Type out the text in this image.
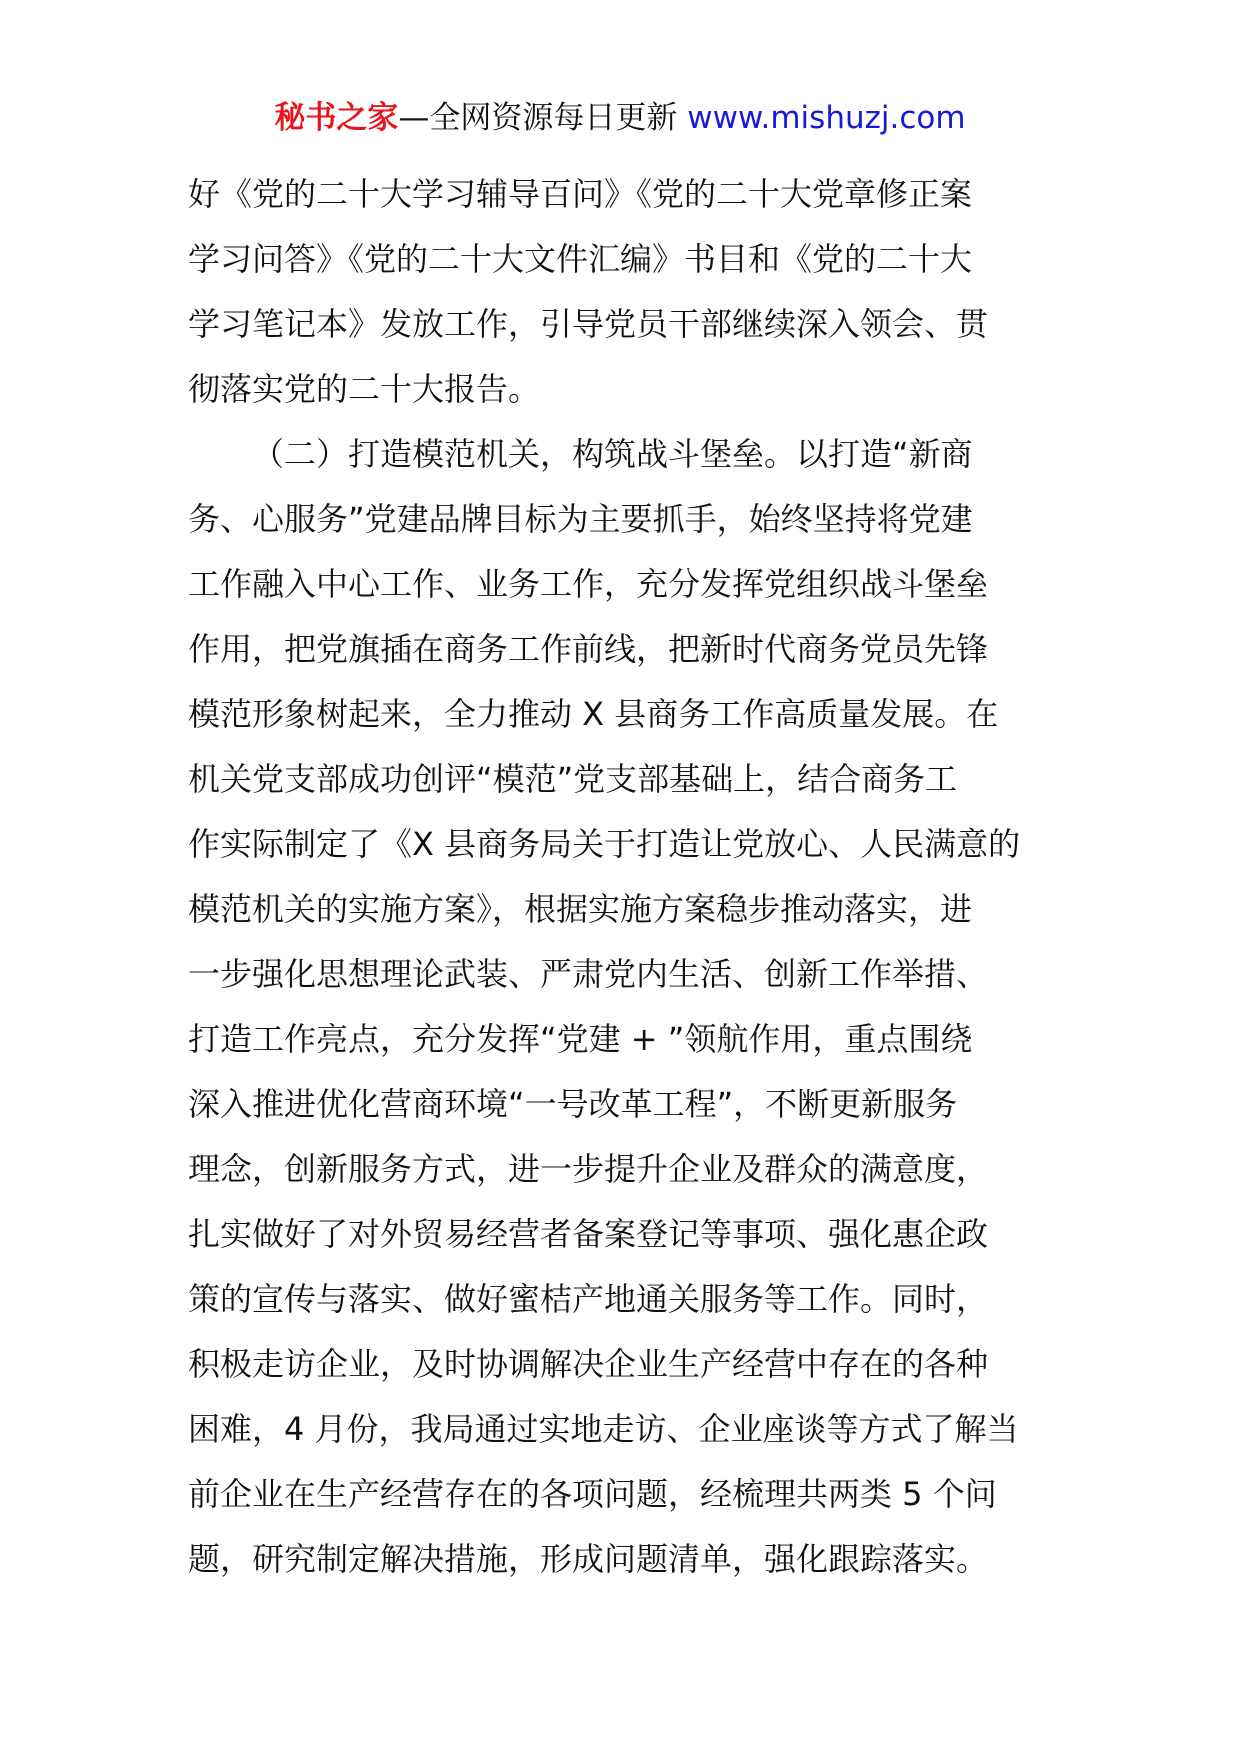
秘书之家—全网资源每日更新 www.mishuzj.com
好《党的二十大学习辅导百问》《党的二十大党章修正案
学习问答》《党的二十大文件汇编》书目和《党的二十大
学习笔记本》发放工作，引导党员干部继续深入领会、贯
彻落实党的二十大报告。
（二）打造模范机关，构筑战斗堡垒。以打造“新商
务、心服务”党建品牌目标为主要抓手，始终坚持将党建
工作融入中心工作、业务工作，充分发挥党组织战斗堡垒
作用，把党旗插在商务工作前线，把新时代商务党员先锋
模范形象树起来，全力推动 X 县商务工作高质量发展。在
机关党支部成功创评“模范”党支部基础上，结合商务工
作实际制定了《X 县商务局关于打造让党放心、人民满意的
模范机关的实施方案》，根据实施方案稳步推动落实，进
一步强化思想理论武装、严肃党内生活、创新工作举措、
打造工作亮点，充分发挥“党建 + ”领航作用，重点围绕
深入推进优化营商环境“一号改革工程”，不断更新服务
理念，创新服务方式，进一步提升企业及群众的满意度，
扎实做好了对外贸易经营者备案登记等事项、强化惠企政
策的宣传与落实、做好蜜桔产地通关服务等工作。同时，
积极走访企业，及时协调解决企业生产经营中存在的各种
困难，4 月份，我局通过实地走访、企业座谈等方式了解当
前企业在生产经营存在的各项问题，经梳理共两类 5 个问
题，研究制定解决措施，形成问题清单，强化跟踪落实。
